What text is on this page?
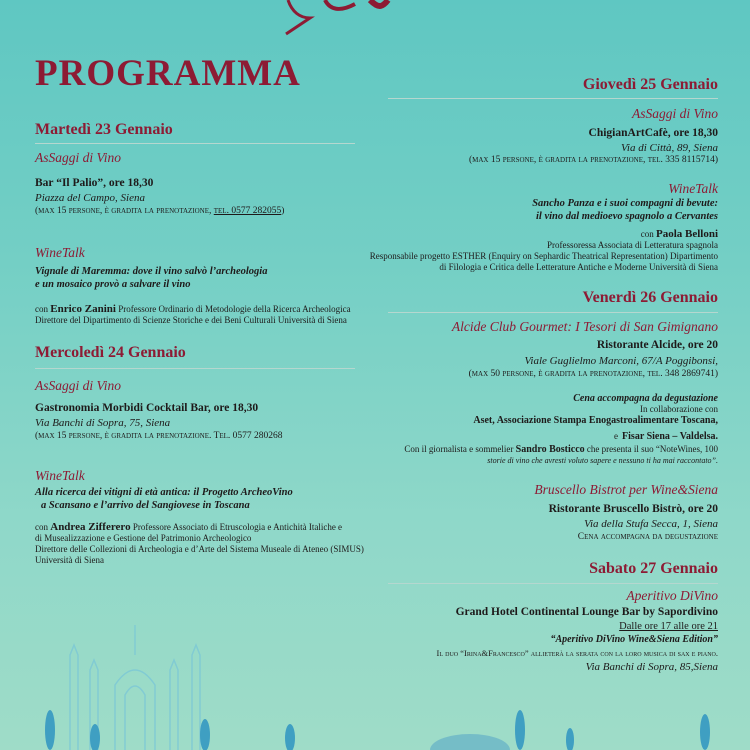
PROGRAMMA
Martedì 23 Gennaio
AsSaggi di Vino
Bar “Il Palio”, ore 18,30
Piazza del Campo, Siena
(max 15 persone, è gradita la prenotazione, tel. 0577 282055)
WineTalk
Vignale di Maremma: dove il vino salvò l’archeologia
e un mosaico provò a salvare il vino
con Enrico Zanini Professore Ordinario di Metodologie della Ricerca Archeologica
Direttore del Dipartimento di Scienze Storiche e dei Beni Culturali Università di Siena
Mercoledì 24 Gennaio
AsSaggi di Vino
Gastronomia Morbidi Cocktail Bar, ore 18,30
Via Banchi di Sopra, 75, Siena
(max 15 persone, è gradita la prenotazione. Tel. 0577 280268
WineTalk
Alla ricerca dei vitigni di età antica: il Progetto ArcheoVino
a Scansano e l’arrivo del Sangiovese in Toscana
con Andrea Zifferero Professore Associato di Etruscologia e Antichità Italiche e
di Musealizzazione e Gestione del Patrimonio Archeologico
Direttore delle Collezioni di Archeologia e d’Arte del Sistema Museale di Ateneo (SIMUS)
Università di Siena
Giovedì 25 Gennaio
AsSaggi di Vino
ChigianArtCafè, ore 18,30
Via di Città, 89, Siena
(max 15 persone, è gradita la prenotazione, tel. 335 8115714)
WineTalk
Sancho Panza e i suoi compagni di bevute:
il vino dal medioevo spagnolo a Cervantes
con Paola Belloni
Professoressa Associata di Letteratura spagnola
Responsabile progetto ESTHER (Enquiry on Sephardic Theatrical Representation) Dipartimento
di Filologia e Critica delle Letterature Antiche e Moderne Università di Siena
Venerdì 26 Gennaio
Alcide Club Gourmet: I Tesori di San Gimignano
Ristorante Alcide, ore 20
Viale Guglielmo Marconi, 67/A Poggibonsi,
(max 50 persone, è gradita la prenotazione, tel. 348 2869741)
Cena accompagna da degustazione
In collaborazione con
Aset, Associazione Stampa Enogastroalimentare Toscana,
e Fisar Siena – Valdelsa.
Con il giornalista e sommelier Sandro Bosticco che presenta il suo “NoteWines, 100
storie di vino che avresti voluto sapere e nessuno ti ha mai raccontato”.
Bruscello Bistrot per Wine&Siena
Ristorante Bruscello Bistrò, ore 20
Via della Stufa Secca, 1, Siena
Cena accompagna da degustazione
Sabato 27 Gennaio
Aperitivo DiVino
Grand Hotel Continental Lounge Bar by Sapordivino
Dalle ore 17 alle ore 21
“Aperitivo DiVino Wine&Siena Edition”
Il duo “Irina&Francesco” allieterà la serata con la loro musica di sax e piano.
Via Banchi di Sopra, 85,Siena
